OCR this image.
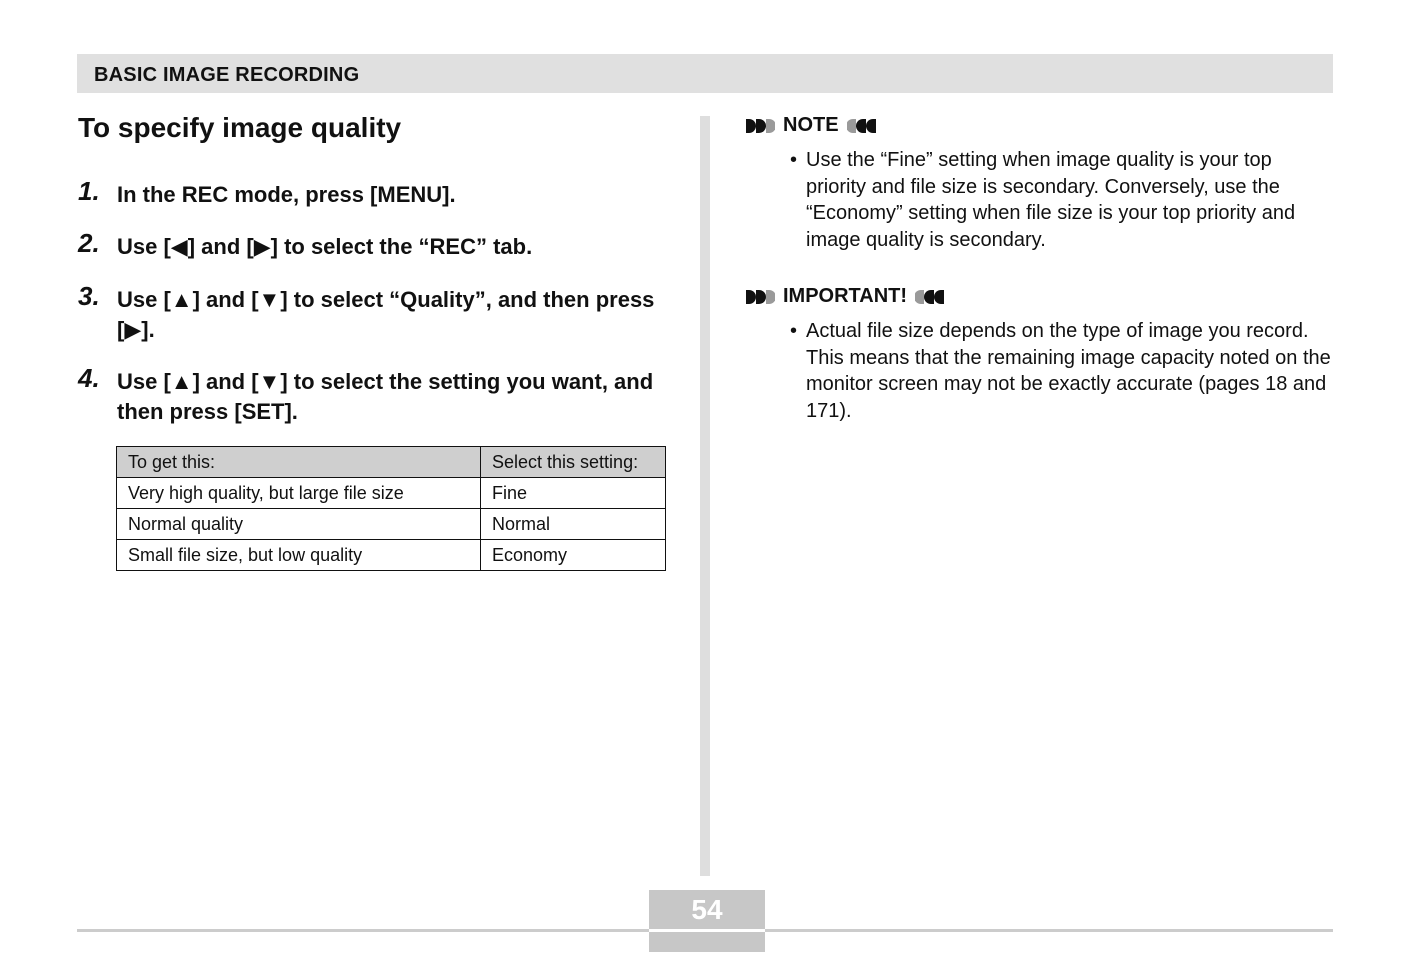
BASIC IMAGE RECORDING
To specify image quality
1. In the REC mode, press [MENU].
2. Use [◀] and [▶] to select the “REC” tab.
3. Use [▲] and [▼] to select “Quality”, and then press [▶].
4. Use [▲] and [▼] to select the setting you want, and then press [SET].
To get this:	Select this setting:
Very high quality, but large file size	Fine
Normal quality	Normal
Small file size, but low quality	Economy
NOTE
• Use the “Fine” setting when image quality is your top priority and file size is secondary. Conversely, use the “Economy” setting when file size is your top priority and image quality is secondary.
IMPORTANT!
• Actual file size depends on the type of image you record. This means that the remaining image capacity noted on the monitor screen may not be exactly accurate (pages 18 and 171).
54
